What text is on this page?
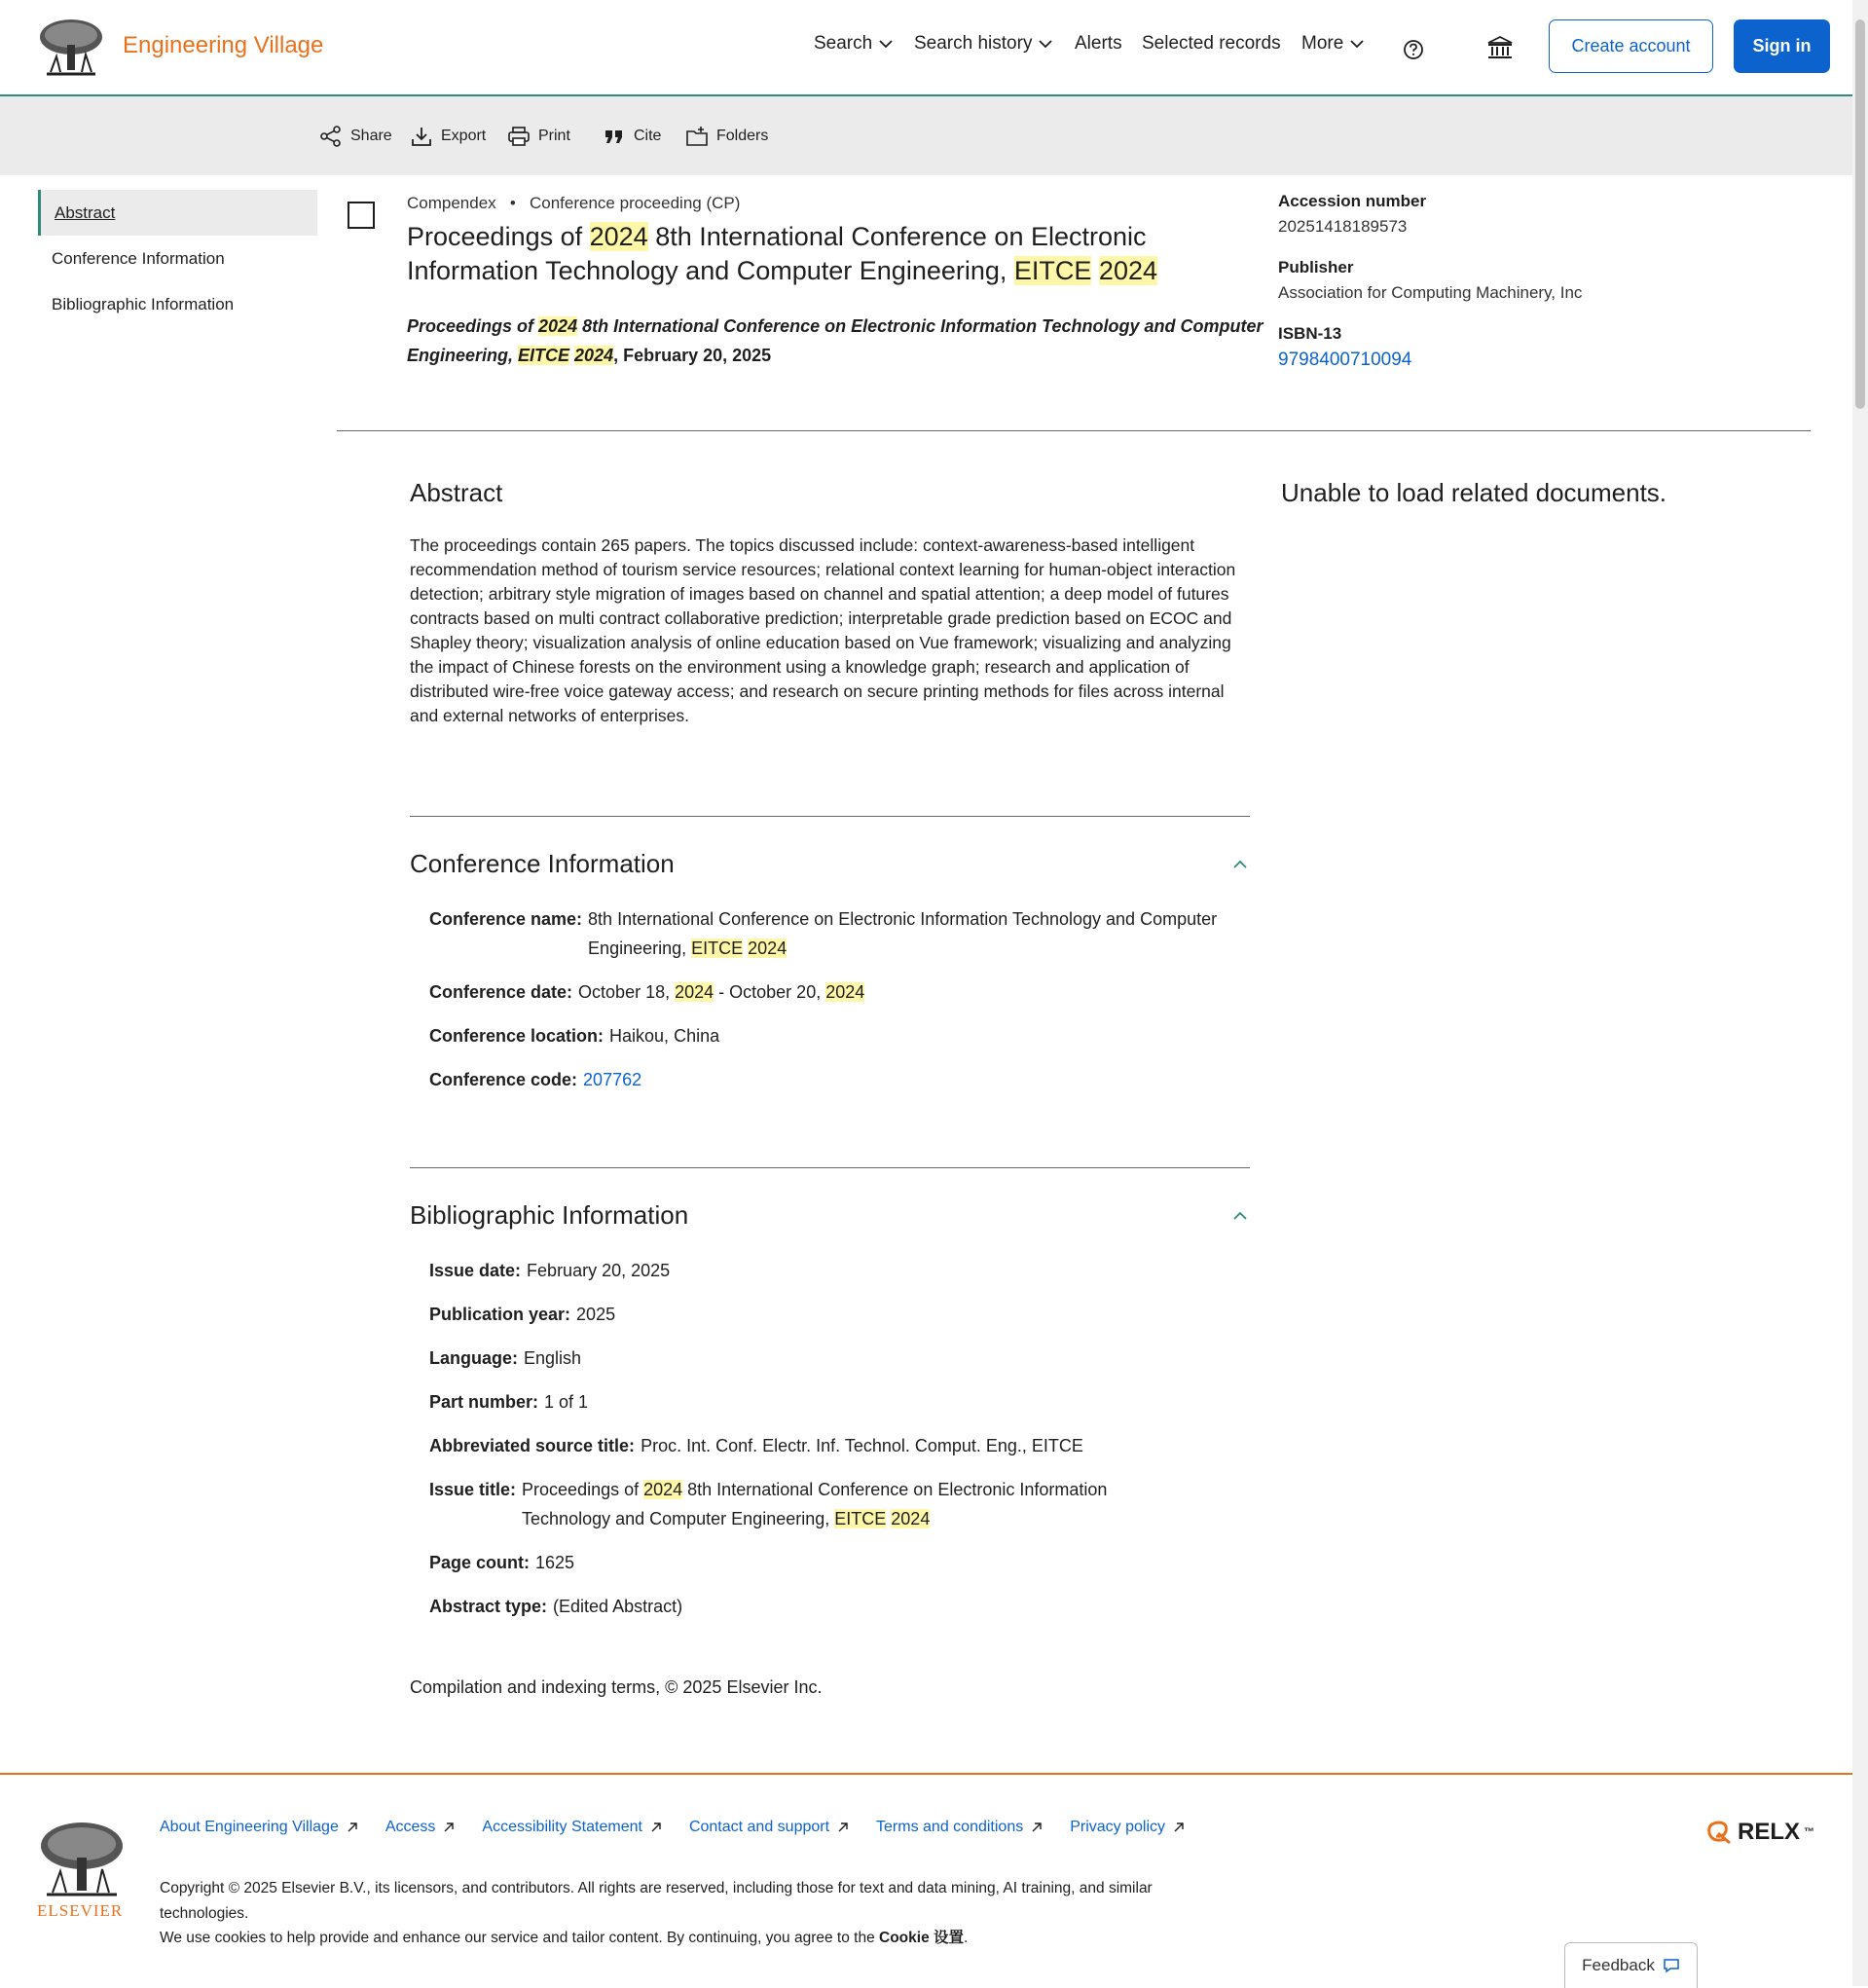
Engineering Village	Search Search history Alerts Selected records More	Create account	Sign in
Share	Export	Print	Cite	Folders
Abstract
Conference Information
Bibliographic Information
Compendex   •   Conference proceeding (CP)
Proceedings of 2024 8th International Conference on Electronic Information Technology and Computer Engineering, EITCE 2024
Proceedings of 2024 8th International Conference on Electronic Information Technology and Computer Engineering, EITCE 2024, February 20, 2025

Accession number

20251418189573

Publisher

Association for Computing Machinery, Inc

ISBN-13

9798400710094
Abstract	Unable to load related documents.
The proceedings contain 265 papers. The topics discussed include: context-awareness-based intelligent recommendation method of tourism service resources; relational context learning for human-object interaction detection; arbitrary style migration of images based on channel and spatial attention; a deep model of futures contracts based on multi contract collaborative prediction; interpretable grade prediction based on ECOC and Shapley theory; visualization analysis of online education based on Vue framework; visualizing and analyzing the impact of Chinese forests on the environment using a knowledge graph; research and application of distributed wire-free voice gateway access; and research on secure printing methods for files across internal and external networks of enterprises.
Conference Information
Conference name: 8th International Conference on Electronic Information Technology and Computer Engineering, EITCE 2024
Conference date: October 18, 2024 - October 20, 2024
Conference location: Haikou, China
Conference code: 207762
Bibliographic Information
Issue date: February 20, 2025
Publication year: 2025
Language: English
Part number: 1 of 1
Abbreviated source title: Proc. Int. Conf. Electr. Inf. Technol. Comput. Eng., EITCE
Issue title: Proceedings of 2024 8th International Conference on Electronic Information Technology and Computer Engineering, EITCE 2024
Page count: 1625
Abstract type: (Edited Abstract)
Compilation and indexing terms, © 2025 Elsevier Inc.
ELSEVIER
About Engineering Village	Access	Accessibility Statement	Contact and support	Terms and conditions	Privacy policy
Copyright © 2025 Elsevier B.V., its licensors, and contributors. All rights are reserved, including those for text and data mining, AI training, and similar technologies.
We use cookies to help provide and enhance our service and tailor content. By continuing, you agree to the Cookie 设置.
RELX ™
Feedback
